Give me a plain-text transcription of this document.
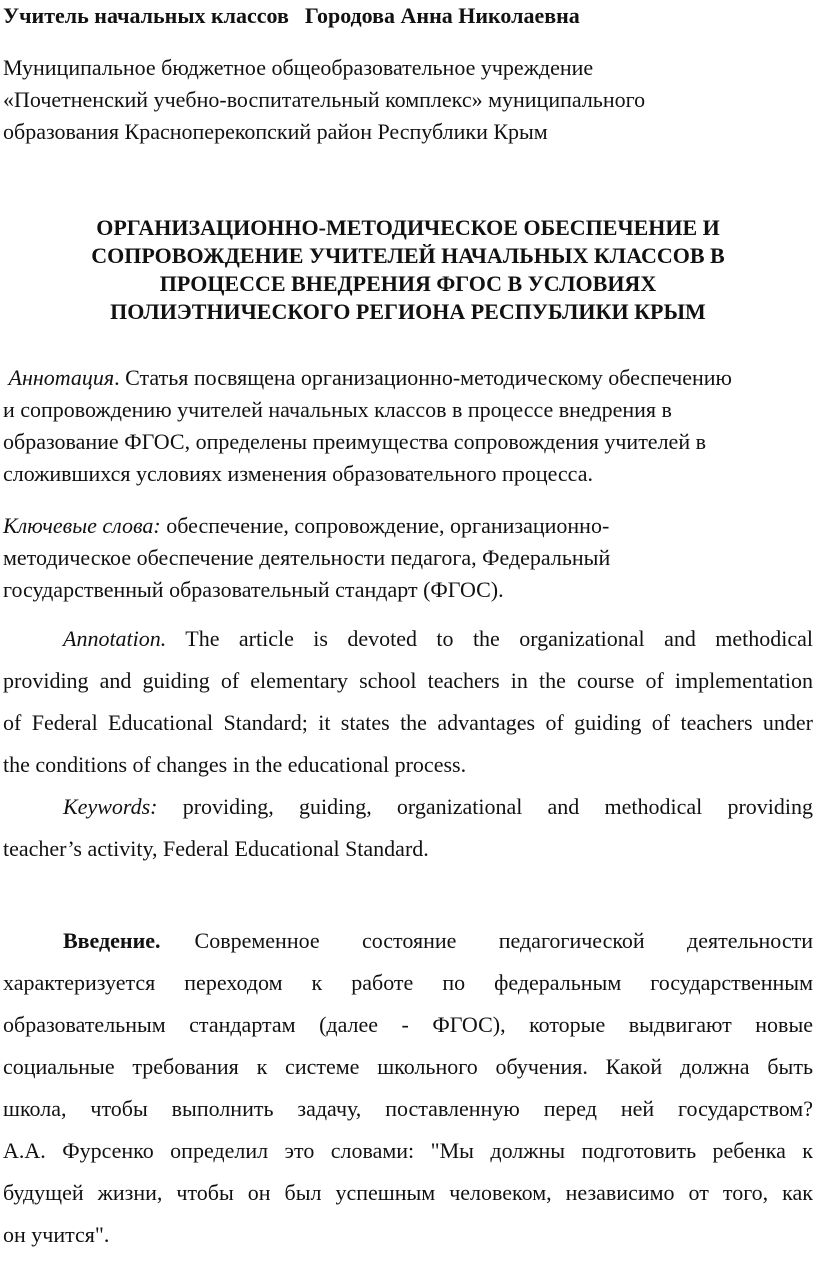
Учитель начальных классов Городова Анна Николаевна
Муниципальное бюджетное общеобразовательное учреждение
«Почетненский учебно-воспитательный комплекс» муниципального
образования Красноперекопский район Республики Крым
ОРГАНИЗАЦИОННО-МЕТОДИЧЕСКОЕ ОБЕСПЕЧЕНИЕ И
СОПРОВОЖДЕНИЕ УЧИТЕЛЕЙ НАЧАЛЬНЫХ КЛАССОВ В
ПРОЦЕССЕ ВНЕДРЕНИЯ ФГОС В УСЛОВИЯХ
ПОЛИЭТНИЧЕСКОГО РЕГИОНА РЕСПУБЛИКИ КРЫМ
Аннотация. Статья посвящена организационно-методическому обеспечению
и сопровождению учителей начальных классов в процессе внедрения в
образование ФГОС, определены преимущества сопровождения учителей в
сложившихся условиях изменения образовательного процесса.
Ключевые слова: обеспечение, сопровождение, организационно-
методическое обеспечение деятельности педагога, Федеральный
государственный образовательный стандарт (ФГОС).
Annotation. The article is devoted to the organizational and methodical
providing and guiding of elementary school teachers in the course of implementation
of Federal Educational Standard; it states the advantages of guiding of teachers under
the conditions of changes in the educational process.
Keywords: providing, guiding, organizational and methodical providing
teacher’s activity, Federal Educational Standard.
Введение. Современное состояние педагогической деятельности
характеризуется переходом к работе по федеральным государственным
образовательным стандартам (далее - ФГОС), которые выдвигают новые
социальные требования к системе школьного обучения. Какой должна быть
школа, чтобы выполнить задачу, поставленную перед ней государством?
А.А. Фурсенко определил это словами: "Мы должны подготовить ребенка к
будущей жизни, чтобы он был успешным человеком, независимо от того, как
он учится".
